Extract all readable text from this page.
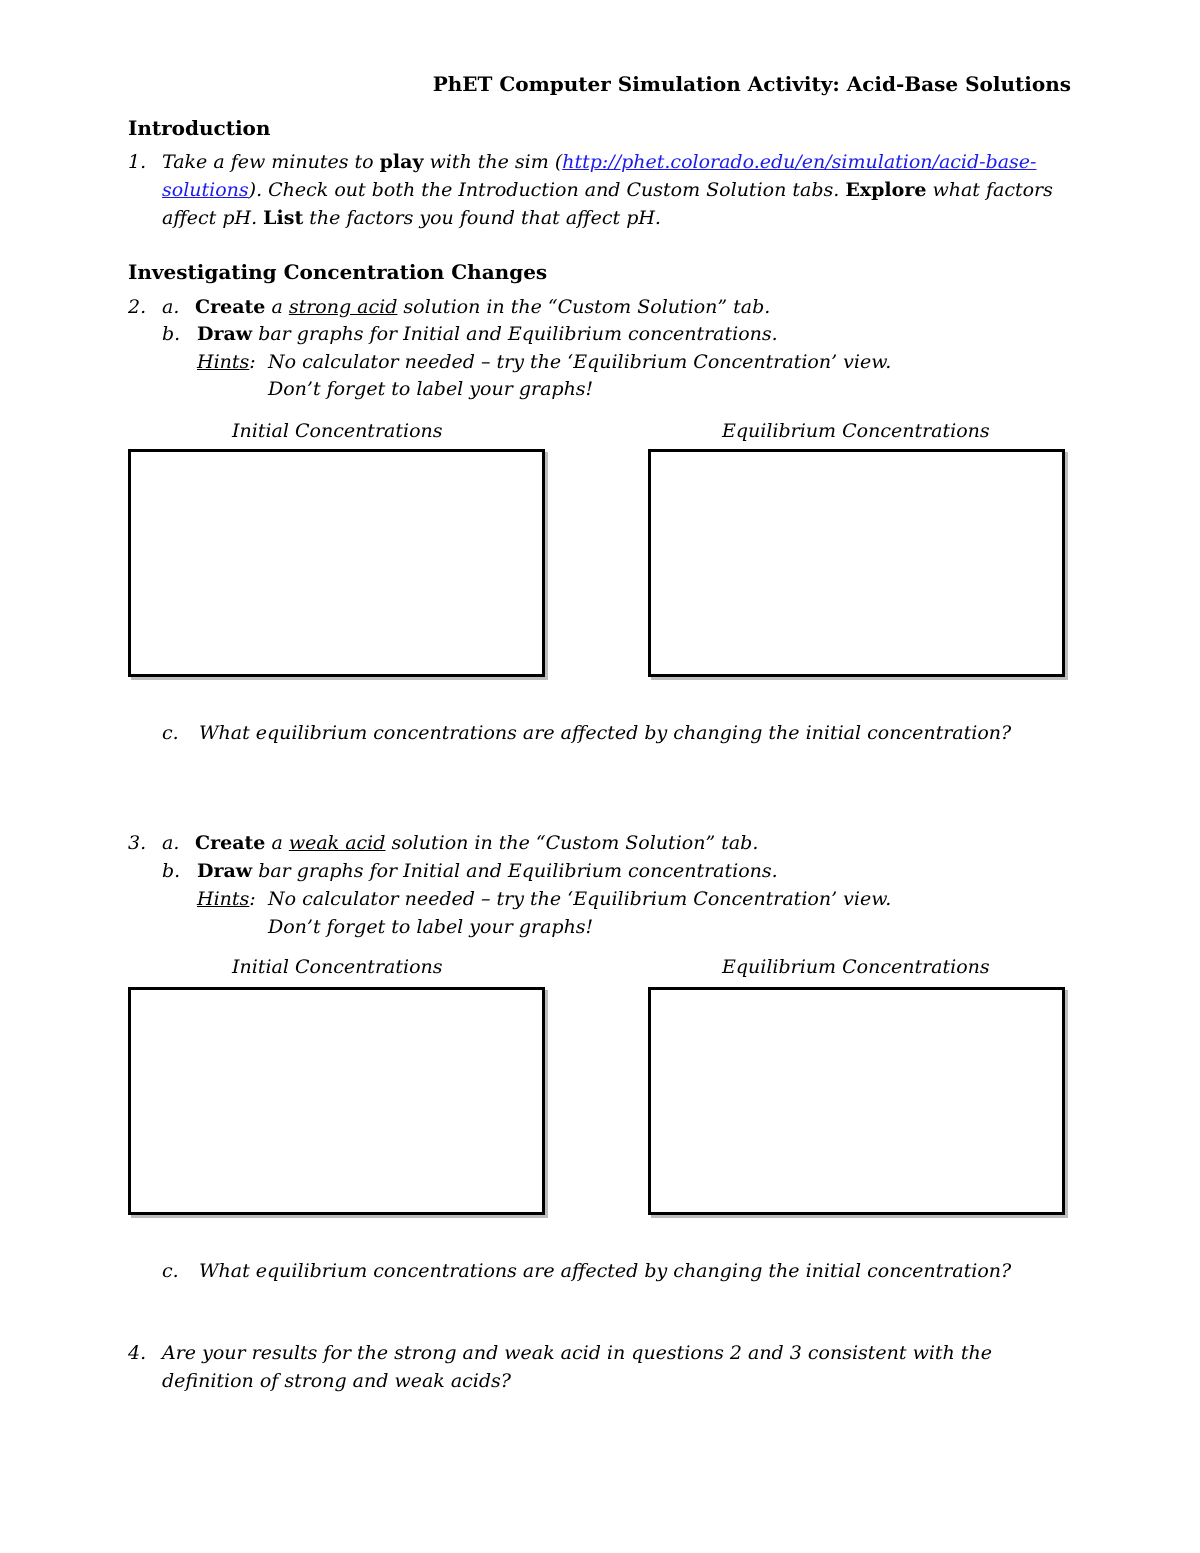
PhET Computer Simulation Activity: Acid-Base Solutions
Introduction
1. Take a few minutes to play with the sim (http://phet.colorado.edu/en/simulation/acid-base-
solutions). Check out both the Introduction and Custom Solution tabs. Explore what factors
affect pH. List the factors you found that affect pH.
Investigating Concentration Changes
2. a. Create a strong acid solution in the “Custom Solution” tab.
b. Draw bar graphs for Initial and Equilibrium concentrations.
Hints: No calculator needed – try the ‘Equilibrium Concentration’ view.
Don’t forget to label your graphs!
Initial Concentrations	Equilibrium Concentrations
c. What equilibrium concentrations are affected by changing the initial concentration?
3. a. Create a weak acid solution in the “Custom Solution” tab.
b. Draw bar graphs for Initial and Equilibrium concentrations.
Hints: No calculator needed – try the ‘Equilibrium Concentration’ view.
Don’t forget to label your graphs!
Initial Concentrations	Equilibrium Concentrations
c. What equilibrium concentrations are affected by changing the initial concentration?
4. Are your results for the strong and weak acid in questions 2 and 3 consistent with the
definition of strong and weak acids?
